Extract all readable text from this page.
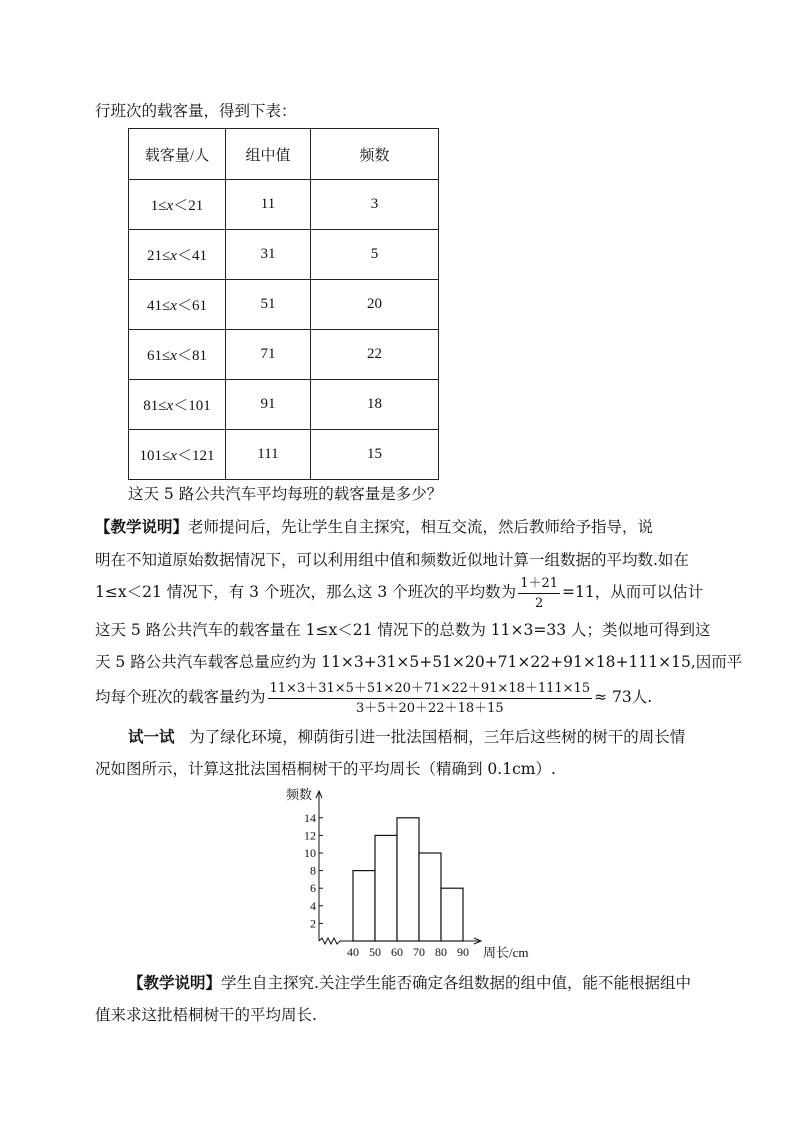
行班次的载客量，得到下表：
载客量/人	组中值	频数
1≤x＜21	11	3
21≤x＜41	31	5
41≤x＜61	51	20
61≤x＜81	71	22
81≤x＜101	91	18
101≤x＜121	111	15
这天 5 路公共汽车平均每班的载客量是多少？
【教学说明】老师提问后，先让学生自主探究，相互交流，然后教师给予指导，说
明在不知道原始数据情况下，可以利用组中值和频数近似地计算一组数据的平均数.如在
1≤x＜21 情况下，有 3 个班次，那么这 3 个班次的平均数为 $\frac{1+21}{2} =11$，从而可以估计
这天 5 路公共汽车的载客量在 1≤x＜21 情况下的总数为 11×3=33 人；类似地可得到这
天 5 路公共汽车载客总量应约为 11×3+31×5+51×20+71×22+91×18+111×15,因而平
均每个班次的载客量约为 $\frac{11\times 3+31\times 5+51\times 20+71\times 22+91\times 18+111\times 15}{3+5+20+22+18+15} \approx 73$人.
试一试 为了绿化环境，柳荫街引进一批法国梧桐，三年后这些树的树干的周长情
况如图所示，计算这批法国梧桐树干的平均周长（精确到 0.1cm）.
2
4
6
8
10
12
14
40 50 60 70 80 90
频数
周长/cm
【教学说明】学生自主探究.关注学生能否确定各组数据的组中值，能不能根据组中
值来求这批梧桐树干的平均周长.
